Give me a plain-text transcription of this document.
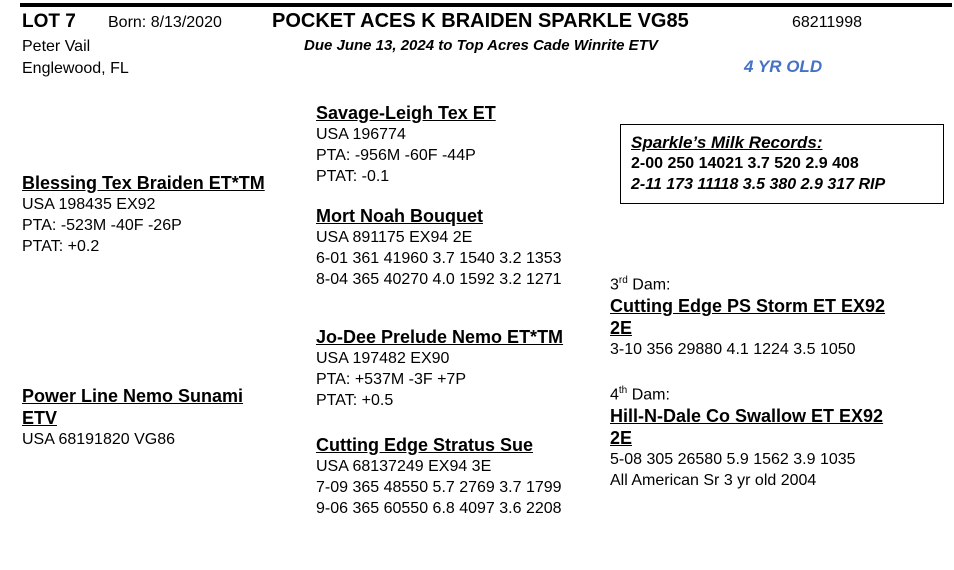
LOT 7 Born: 8/13/2020	POCKET ACES K BRAIDEN SPARKLE VG85	68211998
Peter Vail
Englewood, FL
Due June 13, 2024 to Top Acres Cade Winrite ETV
4 YR OLD
Blessing Tex Braiden ET*TM
USA 198435 EX92
PTA: -523M -40F -26P
PTAT: +0.2
Power Line Nemo Sunami
ETV
USA 68191820 VG86
Savage-Leigh Tex ET
USA 196774
PTA: -956M -60F -44P
PTAT: -0.1
Mort Noah Bouquet
USA 891175 EX94 2E
6-01 361 41960 3.7 1540 3.2 1353
8-04 365 40270 4.0 1592 3.2 1271
Jo-Dee Prelude Nemo ET*TM
USA 197482 EX90
PTA: +537M -3F +7P
PTAT: +0.5
Cutting Edge Stratus Sue
USA 68137249 EX94 3E
7-09 365 48550 5.7 2769 3.7 1799
9-06 365 60550 6.8 4097 3.6 2208
Sparkle’s Milk Records:
2-00 250 14021 3.7 520 2.9 408
2-11 173 11118 3.5 380 2.9 317 RIP
3rd Dam:
Cutting Edge PS Storm ET EX92
2E
3-10 356 29880 4.1 1224 3.5 1050
4th Dam:
Hill-N-Dale Co Swallow ET EX92
2E
5-08 305 26580 5.9 1562 3.9 1035
All American Sr 3 yr old 2004
